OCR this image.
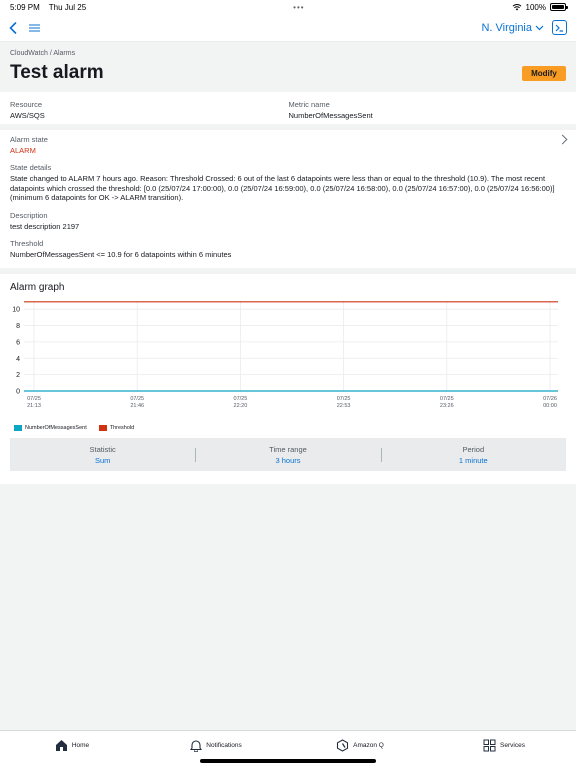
5:09 PM Thu Jul 25	•••	100%
N. Virginia
CloudWatch / Alarms
Test alarm	Modify
Resource
AWS/SQS
Metric name
NumberOfMessagesSent
Alarm state
ALARM
State details
State changed to ALARM 7 hours ago. Reason: Threshold Crossed: 6 out of the last 6 datapoints were less than or equal to the threshold (10.9). The most recent datapoints which crossed the threshold: [0.0 (25/07/24 17:00:00), 0.0 (25/07/24 16:59:00), 0.0 (25/07/24 16:58:00), 0.0 (25/07/24 16:57:00), 0.0 (25/07/24 16:56:00)] (minimum 6 datapoints for OK -> ALARM transition).
Description
test description 2197
Threshold
NumberOfMessagesSent <= 10.9 for 6 datapoints within 6 minutes
Alarm graph
0
2
4
6
8
10
07/25
21:13
07/25
21:46
07/25
22:20
07/25
22:53
07/25
23:26
07/26
00:00
NumberOfMessagesSent	Threshold
Statistic
Sum
Time range
3 hours
Period
1 minute
Home	Notifications	Amazon Q	Services
